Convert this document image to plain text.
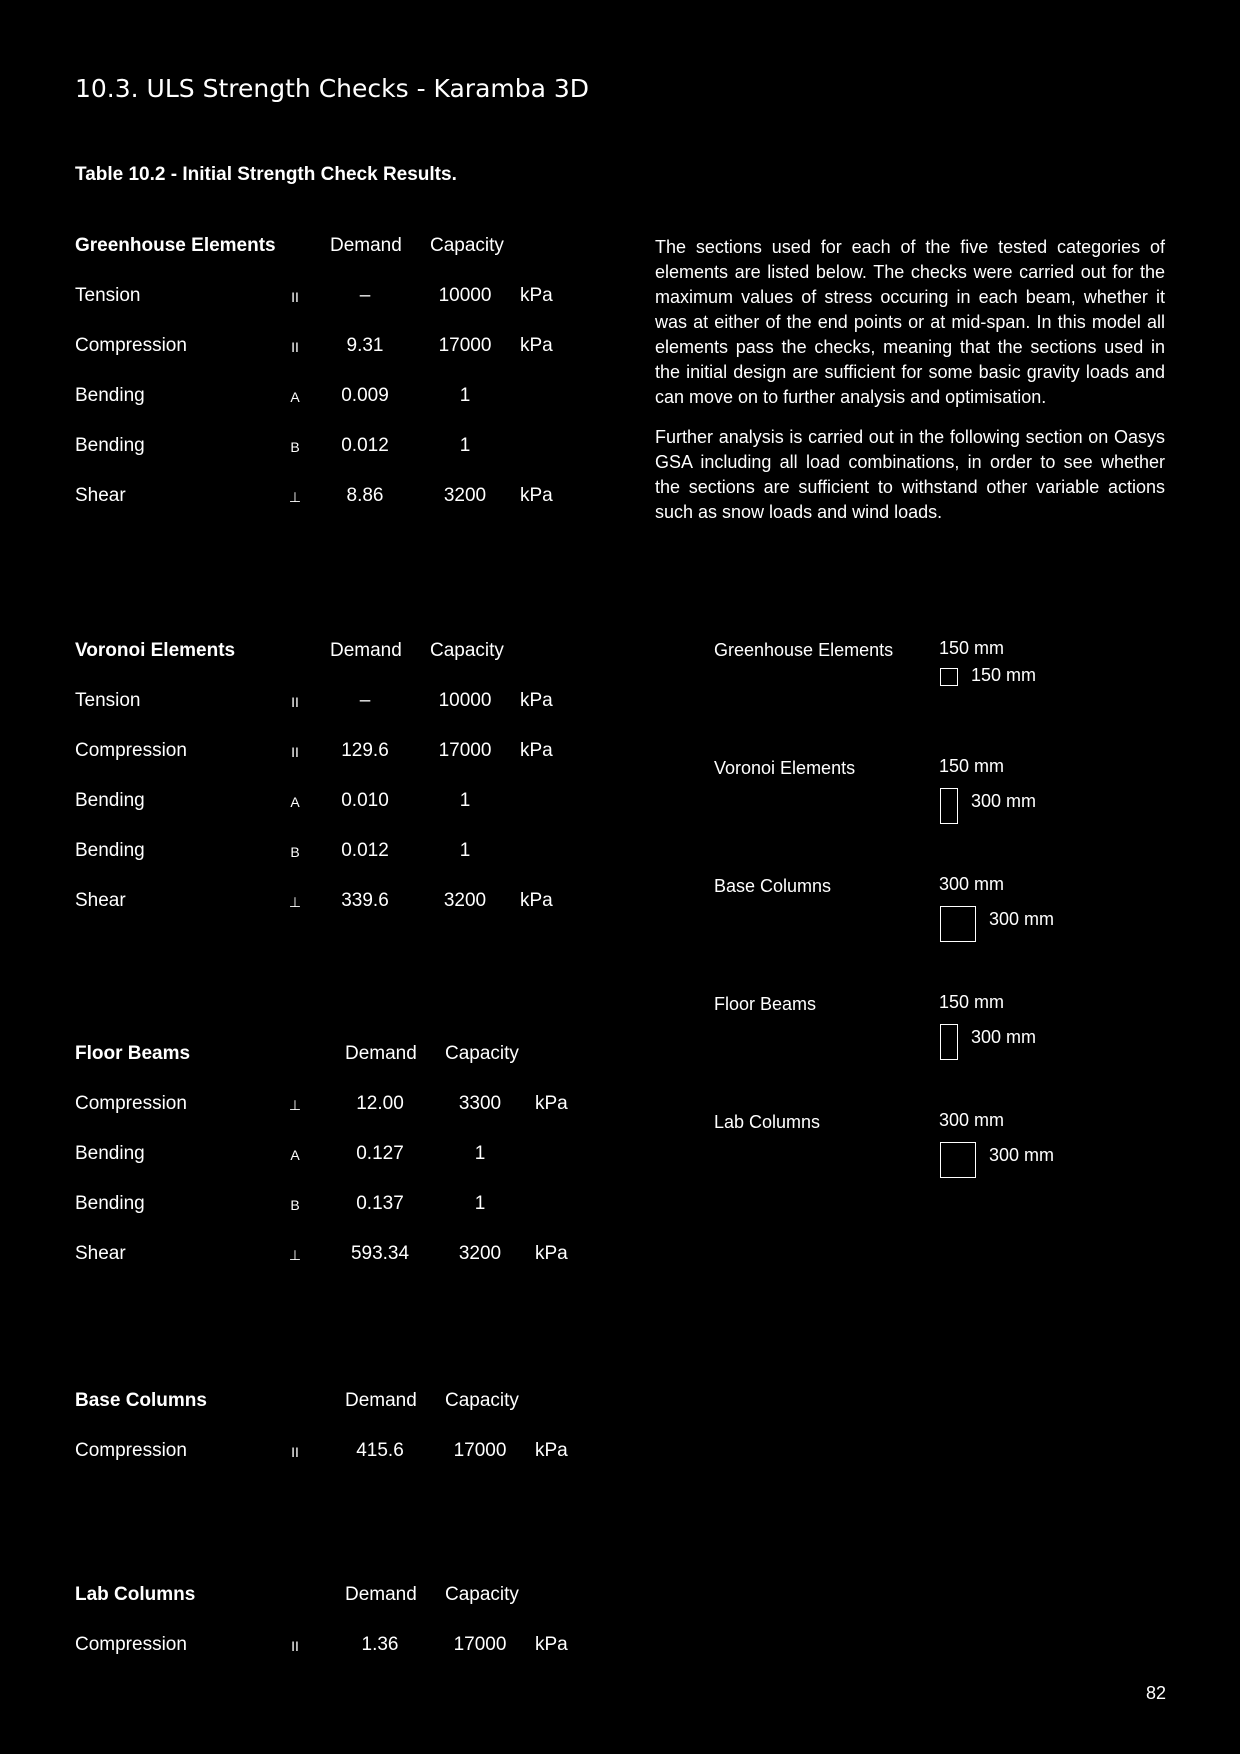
10.3. ULS Strength Checks - Karamba 3D
Table 10.2 - Initial Strength Check Results.
Greenhouse Elements	Demand Capacity
Tension	II	–	10000	kPa
Compression	II	9.31	17000	kPa
Bending	A	0.009	1
Bending	B	0.012	1
Shear	⊥	8.86	3200	kPa
Voronoi Elements	Demand Capacity
Tension	II	–	10000	kPa
Compression	II	129.6	17000	kPa
Bending	A	0.010	1
Bending	B	0.012	1
Shear	⊥	339.6	3200	kPa
Floor Beams	Demand Capacity
Compression	⊥	12.00	3300	kPa
Bending	A	0.127	1
Bending	B	0.137	1
Shear	⊥	593.34	3200	kPa
Base Columns	Demand Capacity
Compression	II	415.6	17000	kPa
Lab Columns	Demand Capacity
Compression	II	1.36	17000	kPa

The sections used for each of the five tested categories of elements are listed below. The checks were carried out for the maximum values of stress occuring in each beam, whether it was at either of the end points or at mid-span. In this model all elements pass the checks, meaning that the sections used in the initial design are sufficient for some basic gravity loads and can move on to further analysis and optimisation.

Further analysis is carried out in the following section on Oasys GSA including all load combinations, in order to see whether the sections are sufficient to withstand other variable actions such as snow loads and wind loads.

Greenhouse Elements	150 mm
150 mm
Voronoi Elements	150 mm
300 mm
Base Columns	300 mm
300 mm
Floor Beams	150 mm
300 mm
Lab Columns	300 mm
300 mm
82
